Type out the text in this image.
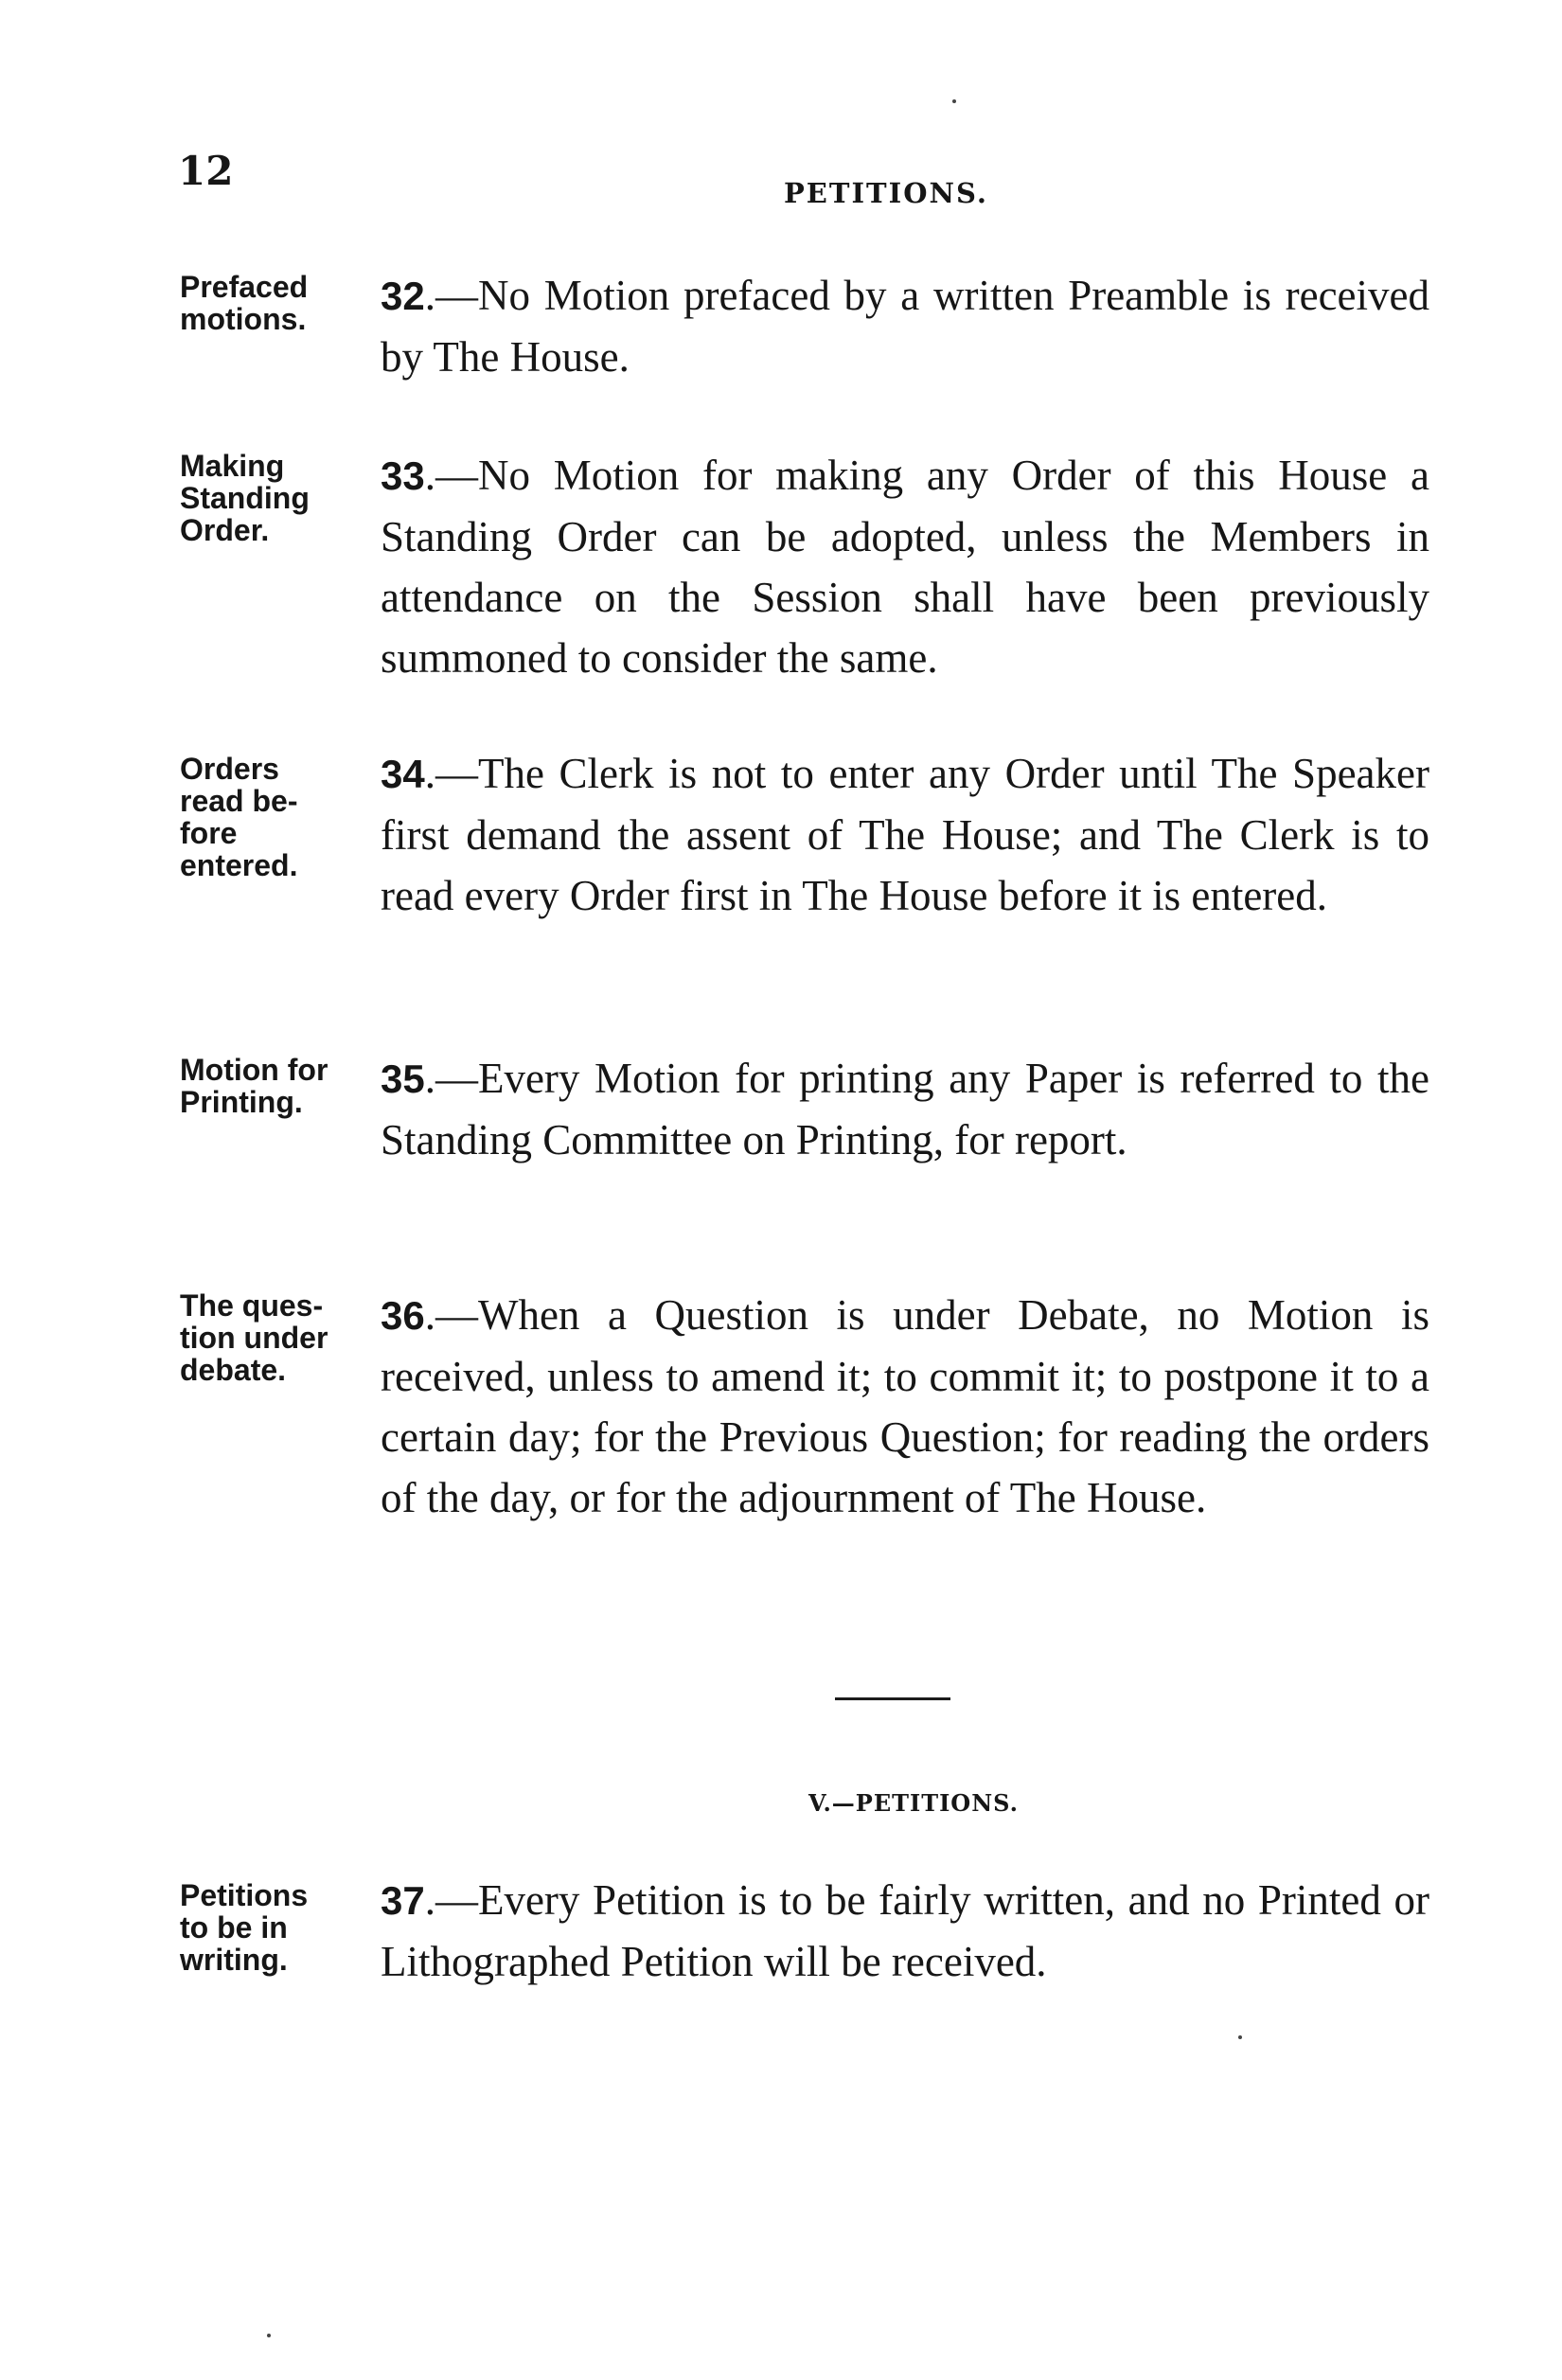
12	PETITIONS.
Prefaced
motions.
32.—No Motion prefaced by a written Preamble is received by The House.
Making
Standing
Order.
33.—No Motion for making any Order of this House a Standing Order can be adopted, unless the Members in attendance on the Session shall have been previously summoned to consider the same.
Orders
read be-
fore
entered.
34.—The Clerk is not to enter any Order until The Speaker first demand the assent of The House; and The Clerk is to read every Order first in The House before it is entered.
Motion for
Printing.
35.—Every Motion for printing any Paper is referred to the Standing Committee on Printing, for report.
The ques-
tion under
debate.
36.—When a Question is under Debate, no Motion is received, unless to amend it; to commit it; to postpone it to a certain day; for the Previous Question; for reading the orders of the day, or for the adjournment of The House.
V.—PETITIONS.
Petitions
to be in
writing.
37.—Every Petition is to be fairly written, and no Printed or Lithographed Petition will be received.
